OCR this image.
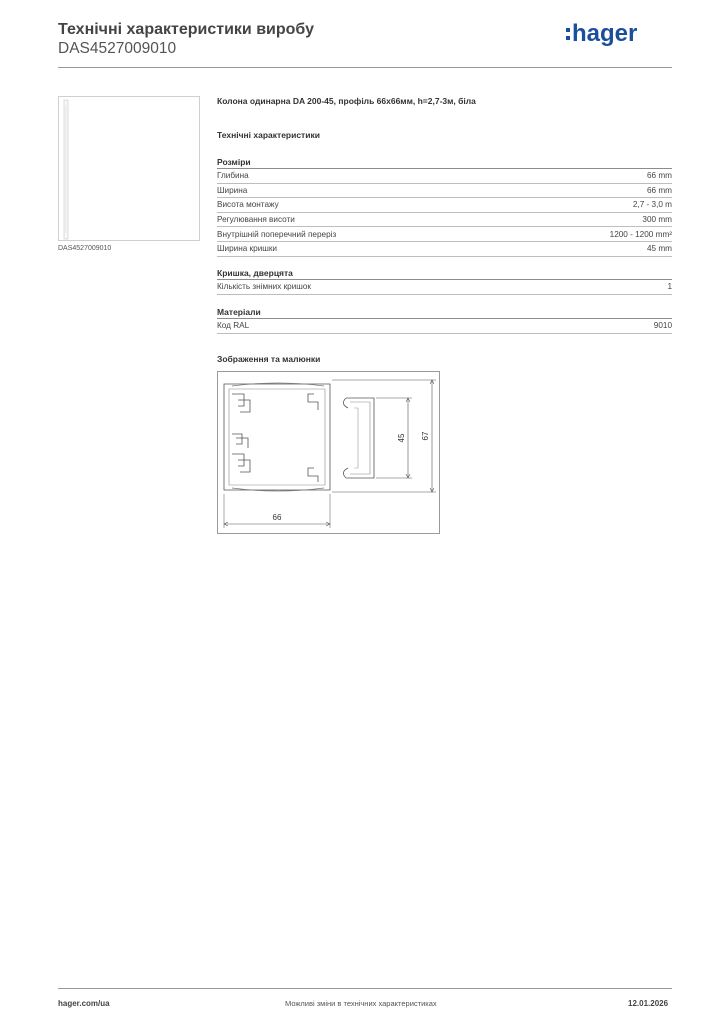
Технічні характеристики виробу
DAS4527009010
hager
DAS4527009010
Колона одинарна DA 200-45, профіль 66х66мм, h=2,7-3м, біла
Технічні характеристики
Розміри
Глибина	66 mm
Ширина	66 mm
Висота монтажу	2,7 - 3,0 m
Регулювання висоти	300 mm
Внутрішній поперечний переріз	1200 - 1200 mm²
Ширина кришки	45 mm
Кришка, дверцята
Кількість знімних кришок	1
Матеріали
Код RAL	9010
Зображення та малюнки
66
45 67
hager.com/ua	Можливі зміни в технічних характеристиках	12.01.2026
